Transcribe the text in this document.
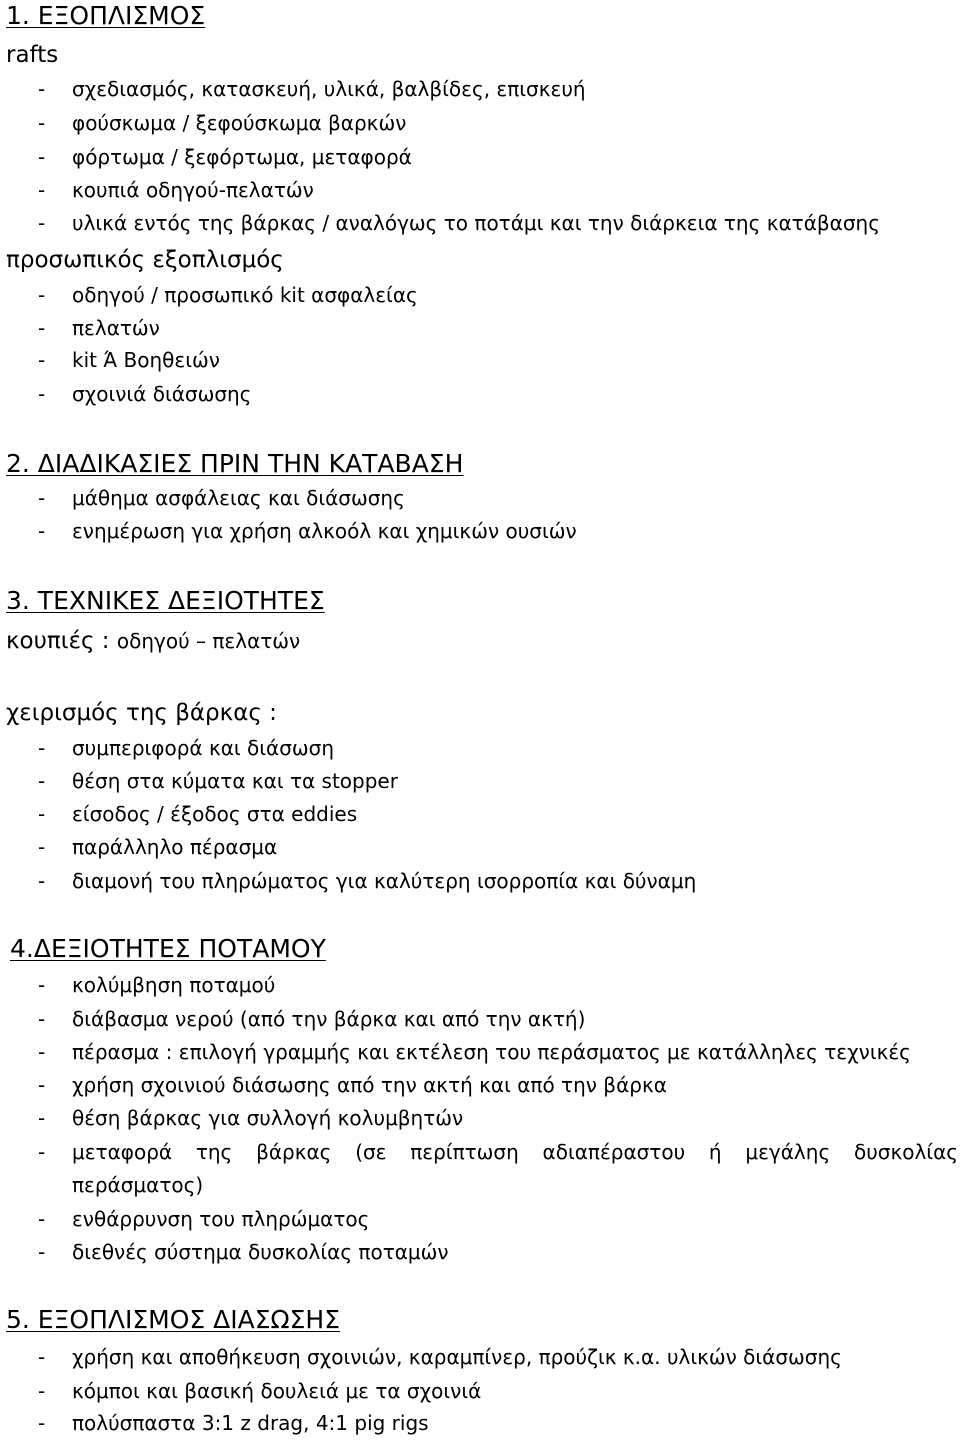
1. ΕΞΟΠΛΙΣΜΟΣ
rafts
- σχεδιασμός, κατασκευή, υλικά, βαλβίδες, επισκευή
- φούσκωμα / ξεφούσκωμα βαρκών
- φόρτωμα / ξεφόρτωμα, μεταφορά
- κουπιά οδηγού-πελατών
- υλικά εντός της βάρκας / αναλόγως το ποτάμι και την διάρκεια της κατάβασης
προσωπικός εξοπλισμός
- οδηγού / προσωπικό kit ασφαλείας
- πελατών
- kit Ά Βοηθειών
- σχοινιά διάσωσης
2. ΔΙΑΔΙΚΑΣΙΕΣ ΠΡΙΝ ΤΗΝ ΚΑΤΑΒΑΣΗ
- μάθημα ασφάλειας και διάσωσης
- ενημέρωση για χρήση αλκοόλ και χημικών ουσιών
3. ΤΕΧΝΙΚΕΣ ΔΕΞΙΟΤΗΤΕΣ
κουπιές : οδηγού – πελατών
χειρισμός της βάρκας :
- συμπεριφορά και διάσωση
- θέση στα κύματα και τα stopper
- είσοδος / έξοδος στα eddies
- παράλληλο πέρασμα
- διαμονή του πληρώματος για καλύτερη ισορροπία και δύναμη
4.ΔΕΞΙΟΤΗΤΕΣ ΠΟΤΑΜΟΥ
- κολύμβηση ποταμού
- διάβασμα νερού (από την βάρκα και από την ακτή)
- πέρασμα : επιλογή γραμμής και εκτέλεση του περάσματος με κατάλληλες τεχνικές
- χρήση σχοινιού διάσωσης από την ακτή και από την βάρκα
- θέση βάρκας για συλλογή κολυμβητών
- μεταφορά της βάρκας (σε περίπτωση αδιαπέραστου ή μεγάλης δυσκολίας
περάσματος)
- ενθάρρυνση του πληρώματος
- διεθνές σύστημα δυσκολίας ποταμών
5. ΕΞΟΠΛΙΣΜΟΣ ΔΙΑΣΩΣΗΣ
- χρήση και αποθήκευση σχοινιών, καραμπίνερ, προύζικ κ.α. υλικών διάσωσης
- κόμποι και βασική δουλειά με τα σχοινιά
- πολύσπαστα 3:1 z drag, 4:1 pig rigs
